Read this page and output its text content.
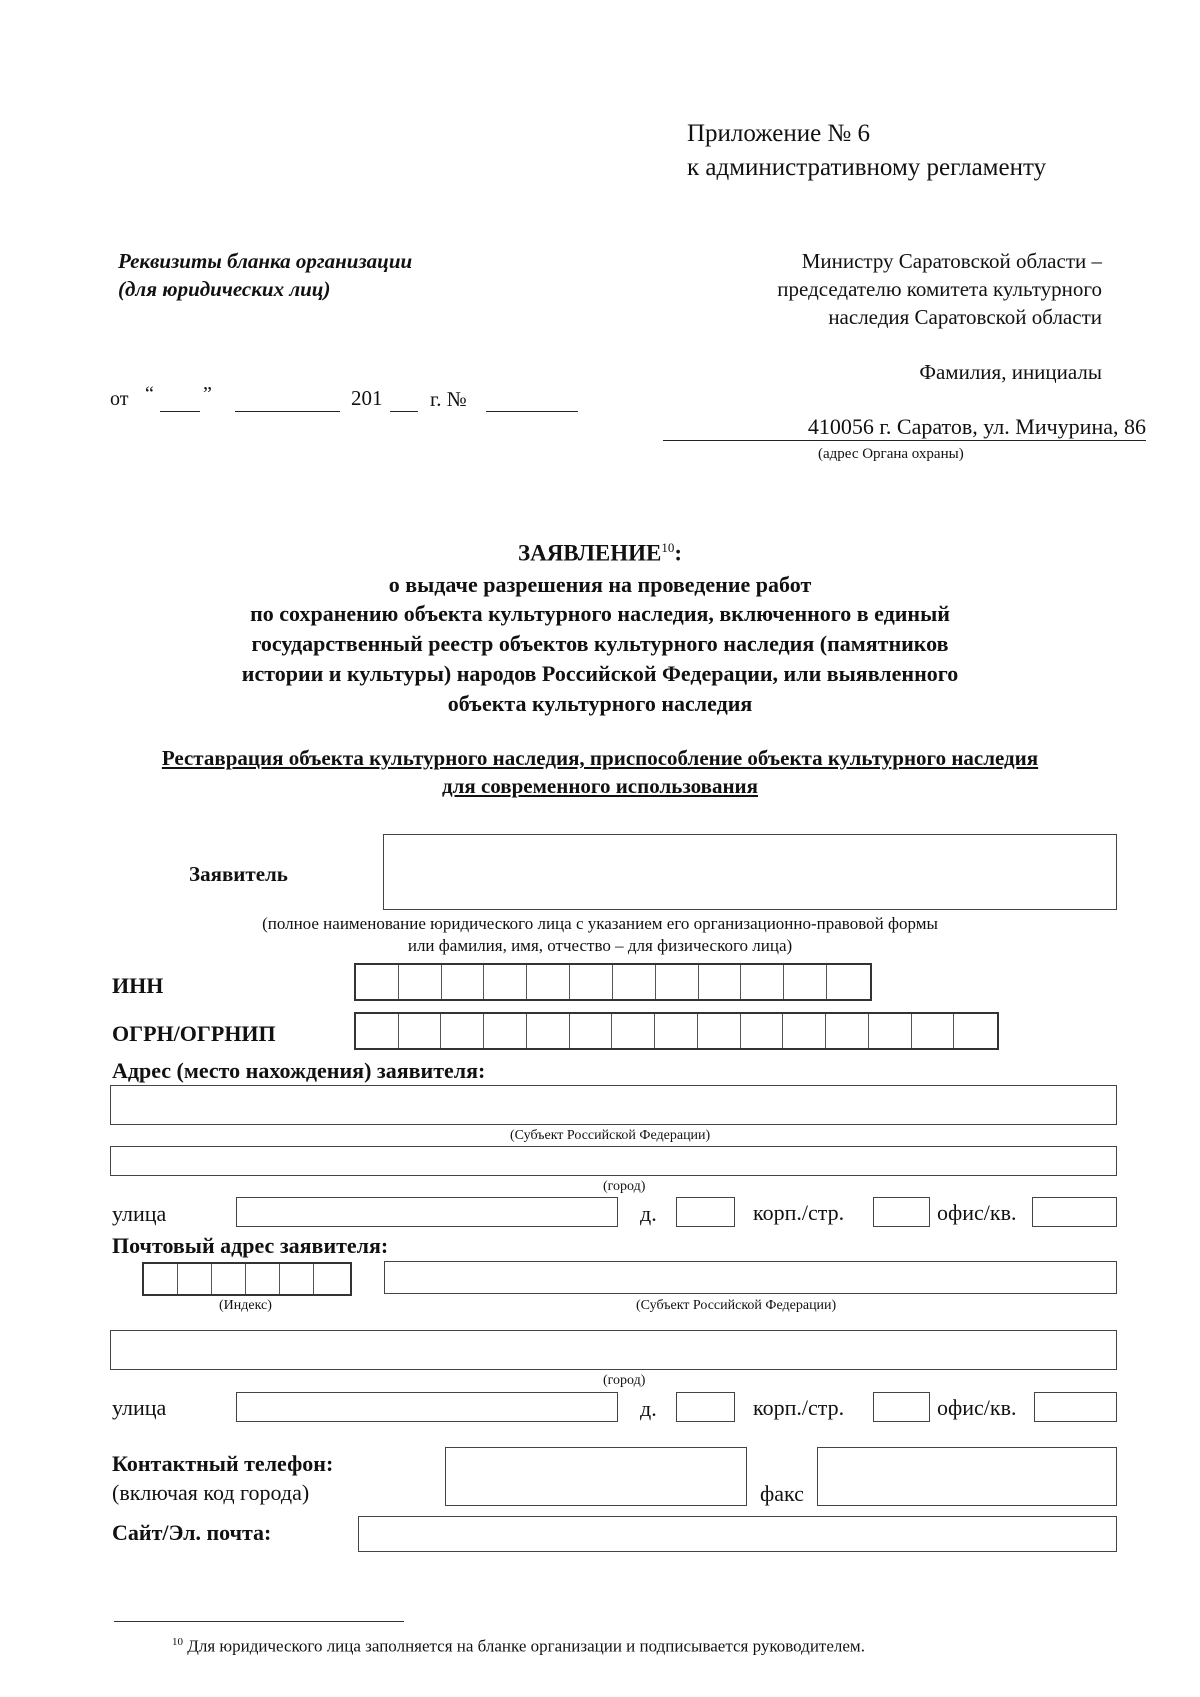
Приложение № 6
к административному регламенту
Реквизиты бланка организации
(для юридических лиц)
Министру Саратовской области –
председателю комитета культурного
наследия Саратовской области
Фамилия, инициалы
от “ ”	201 г. №
410056 г. Саратов, ул. Мичурина, 86
(адрес Органа охраны)
ЗАЯВЛЕНИЕ$^{10}$:
о выдаче разрешения на проведение работ
по сохранению объекта культурного наследия, включенного в единый
государственный реестр объектов культурного наследия (памятников
истории и культуры) народов Российской Федерации, или выявленного
объекта культурного наследия
Реставрация объекта культурного наследия, приспособление объекта культурного наследия
для современного использования
Заявитель
(полное наименование юридического лица с указанием его организационно-правовой формы
или фамилия, имя, отчество – для физического лица)
ИНН
ОГРН/ОГРНИП
Адрес (место нахождения) заявителя:
(Субъект Российской Федерации)
(город)
улица	д.	корп./стр.	офис/кв.
Почтовый адрес заявителя:
(Индекс)	(Субъект Российской Федерации)
(город)
улица	д.	корп./стр.	офис/кв.
Контактный телефон:
(включая код города)	факс
Сайт/Эл. почта:
$^{10}$ Для юридического лица заполняется на бланке организации и подписывается руководителем.
